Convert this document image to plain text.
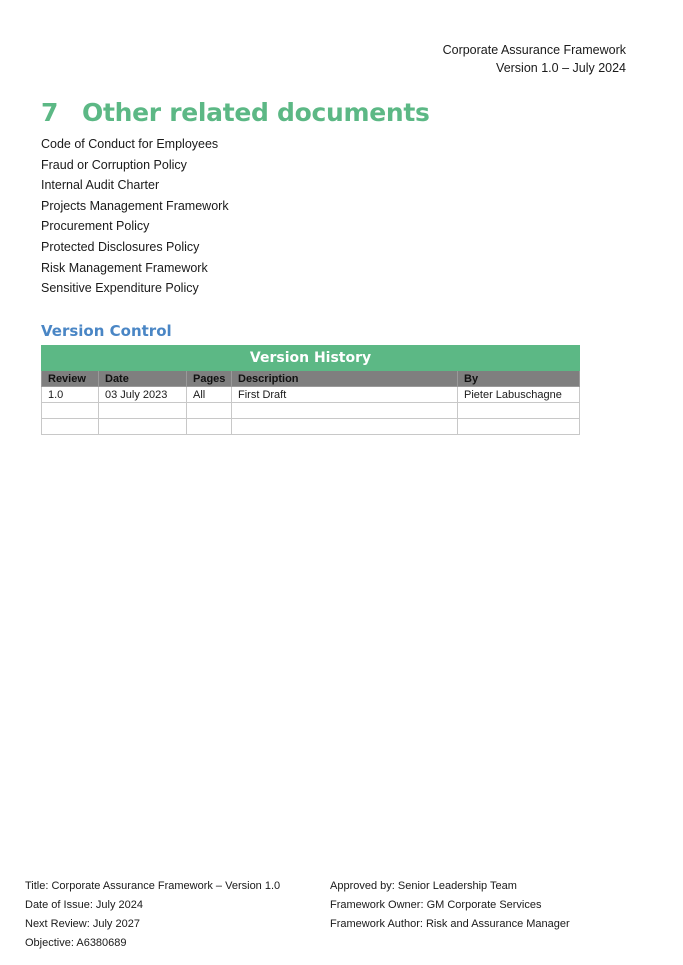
Corporate Assurance Framework
Version 1.0 – July 2024
7 Other related documents
Code of Conduct for Employees
Fraud or Corruption Policy
Internal Audit Charter
Projects Management Framework
Procurement Policy
Protected Disclosures Policy
Risk Management Framework
Sensitive Expenditure Policy
Version Control
Version History				
Review	Date	Pages	Description	By
1.0	03 July 2023	All	First Draft	Pieter Labuschagne

Title: Corporate Assurance Framework – Version 1.0
Date of Issue: July 2024
Next Review: July 2027
Objective: A6380689
Approved by: Senior Leadership Team
Framework Owner: GM Corporate Services
Framework Author: Risk and Assurance Manager
